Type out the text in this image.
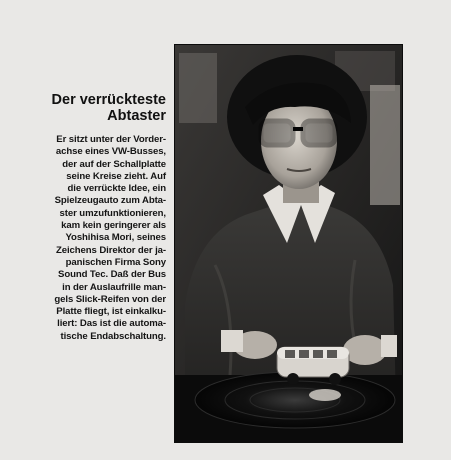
Der verrückteste
Abtaster

Er sitzt unter der Vorder-
achse eines VW-Busses,
der auf der Schallplatte
seine Kreise zieht. Auf
die verrückte Idee, ein
Spielzeugauto zum Abta-
ster umzufunktionieren,
kam kein geringerer als
Yoshihisa Mori, seines
Zeichens Direktor der ja-
panischen Firma Sony
Sound Tec. Daß der Bus
in der Auslaufrille man-
gels Slick-Reifen von der
Platte fliegt, ist einkalku-
liert: Das ist die automa-
tische Endabschaltung.
